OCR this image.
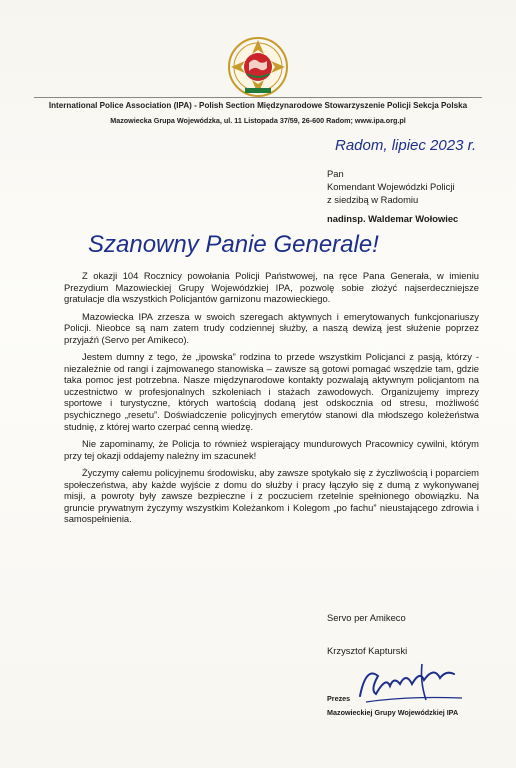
International Police Association (IPA) - Polish Section Międzynarodowe Stowarzyszenie Policji Sekcja Polska
Mazowiecka Grupa Wojewódzka, ul. 11 Listopada 37/59, 26-600 Radom; www.ipa.org.pl
Radom, lipiec 2023 r.
Pan
Komendant Wojewódzki Policji
z siedzibą w Radomiu
nadinsp. Waldemar Wołowiec
Szanowny Panie Generale!

Z okazji 104 Rocznicy powołania Policji Państwowej, na ręce Pana Generała, w imieniu Prezydium Mazowieckiej Grupy Wojewódzkiej IPA, pozwolę sobie złożyć najserdeczniejsze gratulacje dla wszystkich Policjantów garnizonu mazowieckiego.

Mazowiecka IPA zrzesza w swoich szeregach aktywnych i emerytowanych funkcjonariuszy Policji. Nieobce są nam zatem trudy codziennej służby, a naszą dewizą jest służenie poprzez przyjaźń (Servo per Amikeco).

Jestem dumny z tego, że „ipowska” rodzina to przede wszystkim Policjanci z pasją, którzy - niezależnie od rangi i zajmowanego stanowiska – zawsze są gotowi pomagać wszędzie tam, gdzie taka pomoc jest potrzebna. Nasze międzynarodowe kontakty pozwalają aktywnym policjantom na uczestnictwo w profesjonalnych szkoleniach i stażach zawodowych. Organizujemy imprezy sportowe i turystyczne, których wartością dodaną jest odskocznia od stresu, możliwość psychicznego „resetu”. Doświadczenie policyjnych emerytów stanowi dla młodszego koleżeństwa studnię, z której warto czerpać cenną wiedzę.

Nie zapominamy, że Policja to również wspierający mundurowych Pracownicy cywilni, którym przy tej okazji oddajemy należny im szacunek!

Życzymy całemu policyjnemu środowisku, aby zawsze spotykało się z życzliwością i poparciem społeczeństwa, aby każde wyjście z domu do służby i pracy łączyło się z dumą z wykonywanej misji, a powroty były zawsze bezpieczne i z poczuciem rzetelnie spełnionego obowiązku. Na gruncie prywatnym życzymy wszystkim Koleżankom i Kolegom „po fachu” nieustającego zdrowia i samospełnienia.

Servo per Amikeco
Krzysztof Kapturski
Prezes
Mazowieckiej Grupy Wojewódzkiej IPA
